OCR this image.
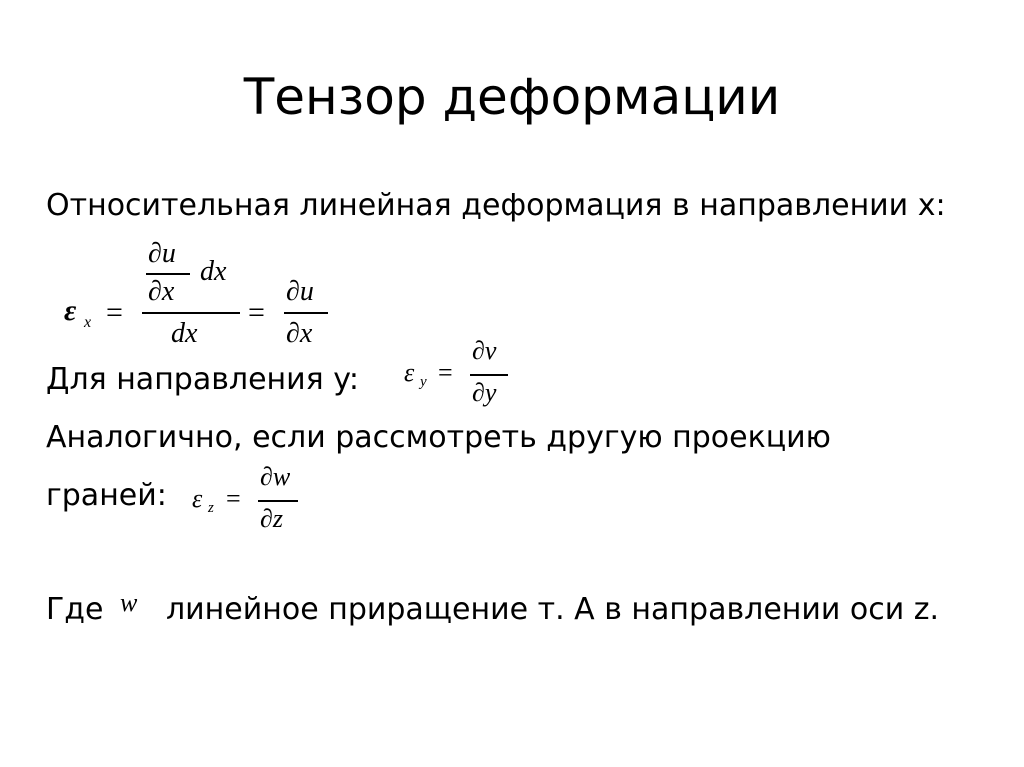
Тензор деформации
Относительная линейная деформация в направлении x:
ε x =
∂u
∂x
dx
dx
=
∂u
∂x
Для направления y: ε y =
∂v
∂y
Аналогично, если рассмотреть другую проекцию
граней: ε z =
∂w
∂z
Где w линейное приращение т. А в направлении оси z.
